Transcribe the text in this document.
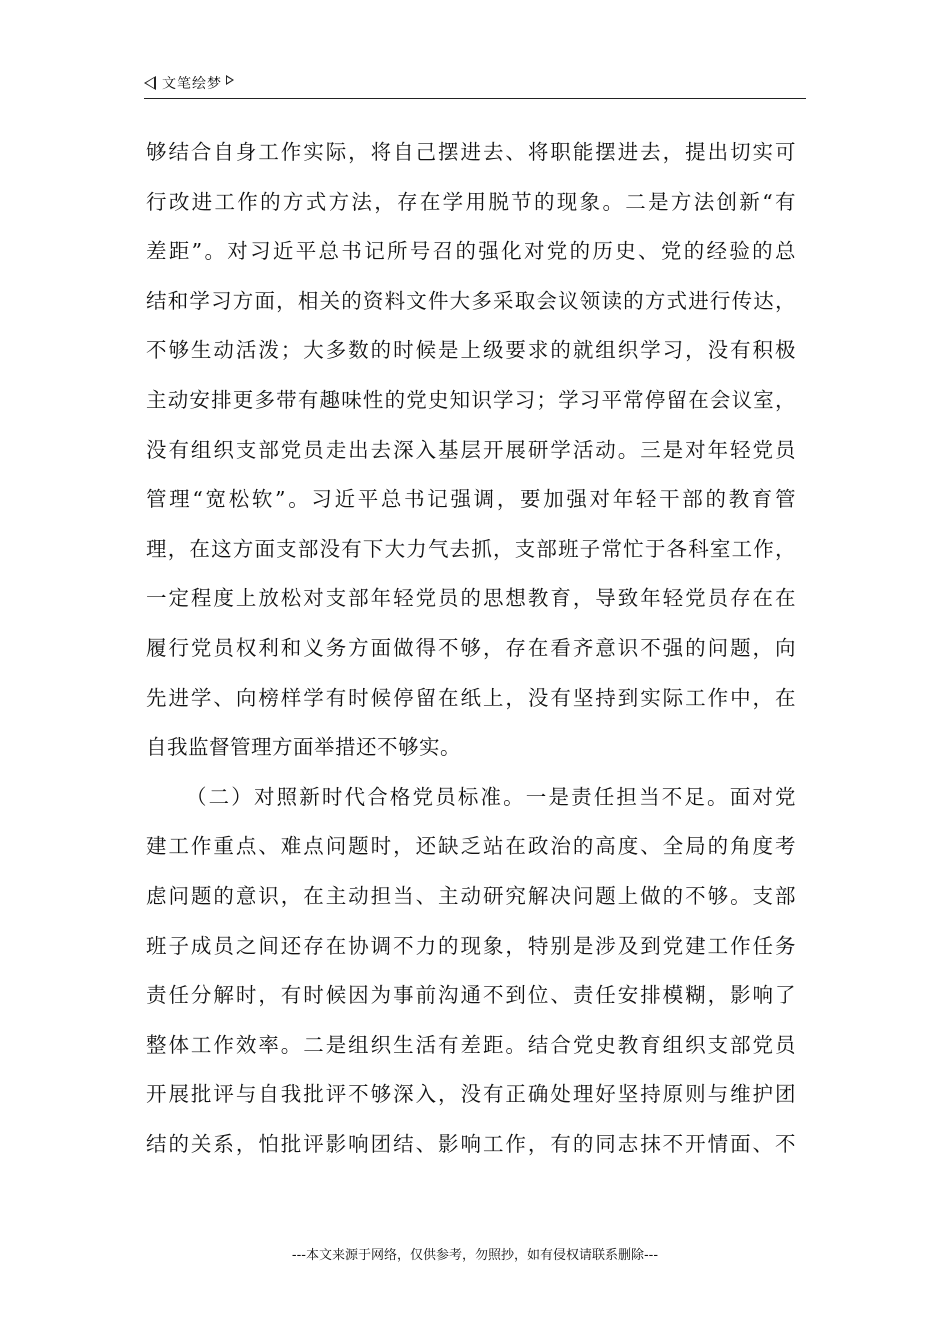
文笔绘梦
够结合自身工作实际，将自己摆进去、将职能摆进去，提出切实可
行改进工作的方式方法，存在学用脱节的现象。二是方法创新“有
差距”。对习近平总书记所号召的强化对党的历史、党的经验的总
结和学习方面，相关的资料文件大多采取会议领读的方式进行传达，
不够生动活泼；大多数的时候是上级要求的就组织学习，没有积极
主动安排更多带有趣味性的党史知识学习；学习平常停留在会议室，
没有组织支部党员走出去深入基层开展研学活动。三是对年轻党员
管理“宽松软”。习近平总书记强调，要加强对年轻干部的教育管
理，在这方面支部没有下大力气去抓，支部班子常忙于各科室工作，
一定程度上放松对支部年轻党员的思想教育，导致年轻党员存在在
履行党员权利和义务方面做得不够，存在看齐意识不强的问题，向
先进学、向榜样学有时候停留在纸上，没有坚持到实际工作中，在
自我监督管理方面举措还不够实。
（二）对照新时代合格党员标准。一是责任担当不足。面对党
建工作重点、难点问题时，还缺乏站在政治的高度、全局的角度考
虑问题的意识，在主动担当、主动研究解决问题上做的不够。支部
班子成员之间还存在协调不力的现象，特别是涉及到党建工作任务
责任分解时，有时候因为事前沟通不到位、责任安排模糊，影响了
整体工作效率。二是组织生活有差距。结合党史教育组织支部党员
开展批评与自我批评不够深入，没有正确处理好坚持原则与维护团
结的关系，怕批评影响团结、影响工作，有的同志抹不开情面、不
---本文来源于网络，仅供参考，勿照抄，如有侵权请联系删除---
